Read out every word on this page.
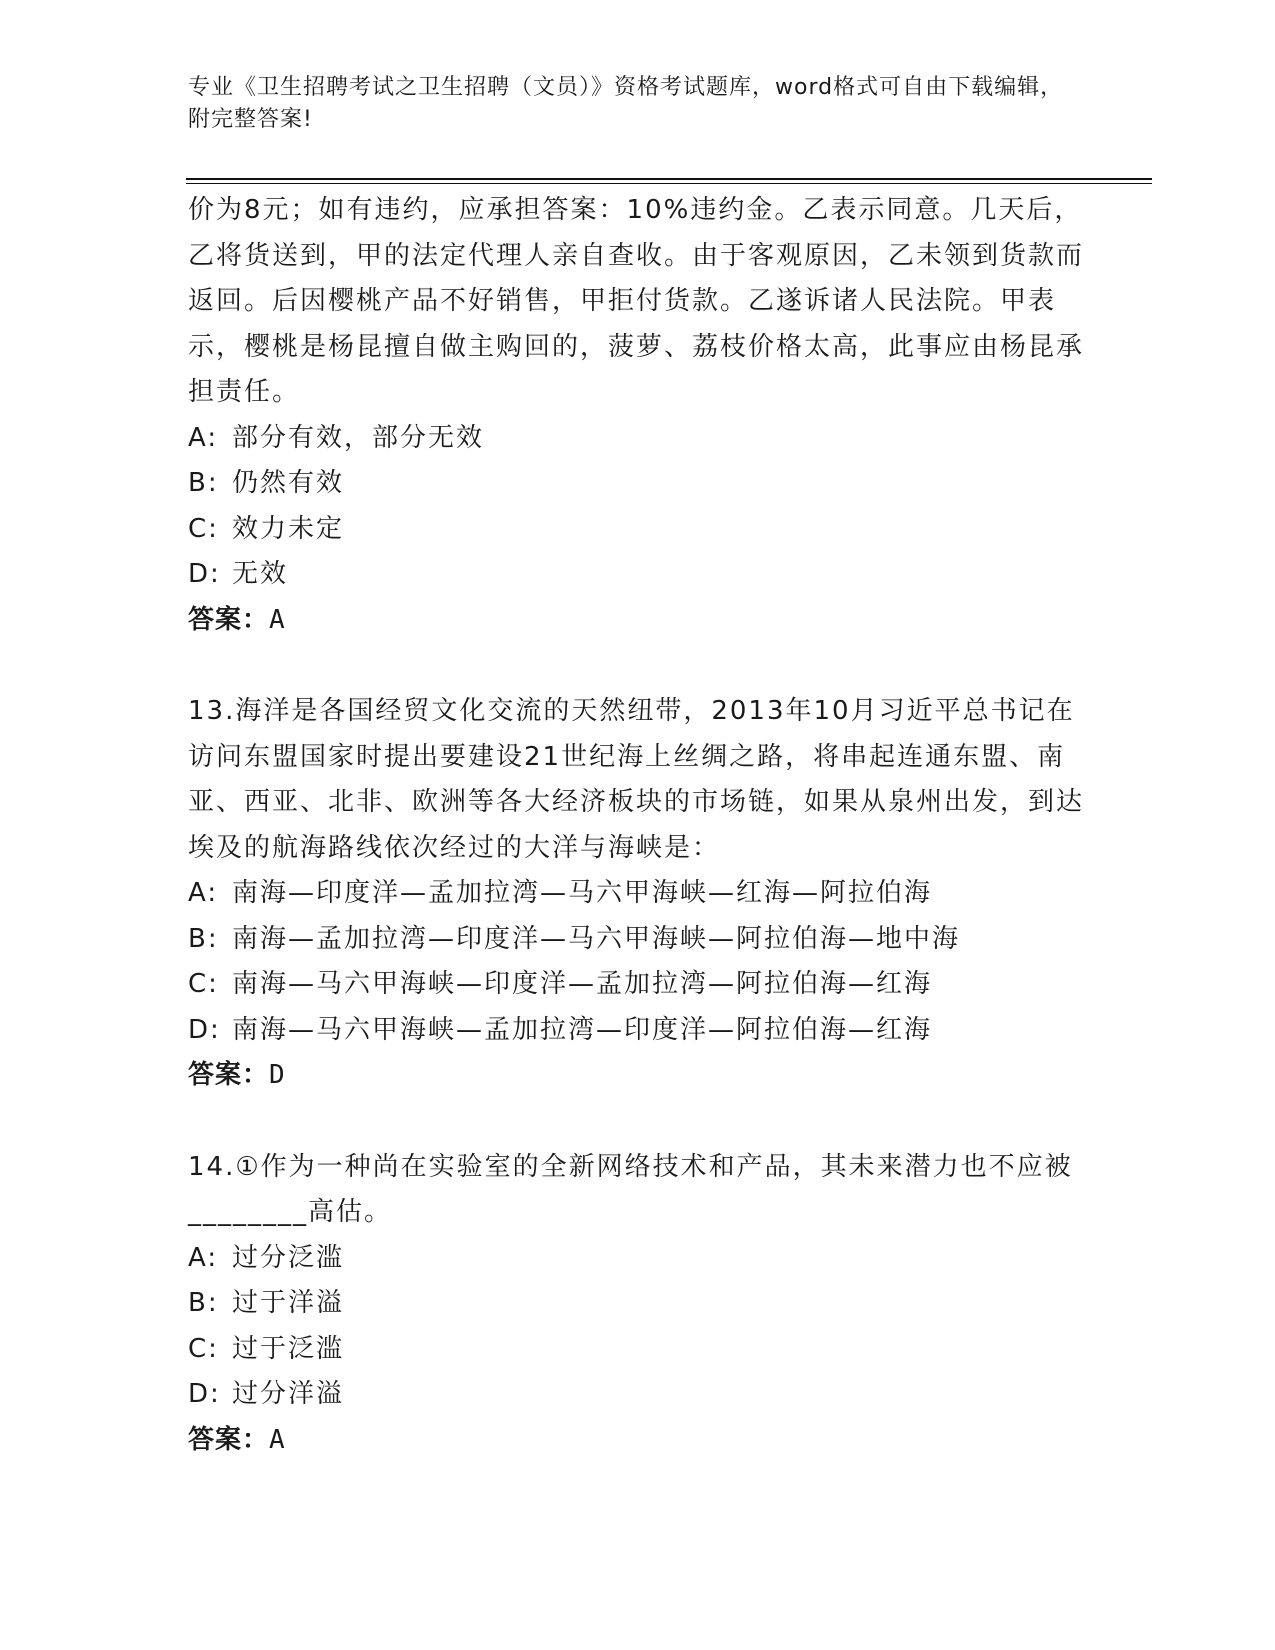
专业《卫生招聘考试之卫生招聘（文员）》资格考试题库，word格式可自由下载编辑，附完整答案!

价为8元；如有违约，应承担答案：10%违约金。乙表示同意。几天后，乙将货送到，甲的法定代理人亲自查收。由于客观原因，乙未领到货款而返回。后因樱桃产品不好销售，甲拒付货款。乙遂诉诸人民法院。甲表示，樱桃是杨昆擅自做主购回的，菠萝、荔枝价格太高，此事应由杨昆承担责任。

A: 部分有效，部分无效

B: 仍然有效

C: 效力未定

D: 无效

答案：A

13.海洋是各国经贸文化交流的天然纽带，2013年10月习近平总书记在访问东盟国家时提出要建设21世纪海上丝绸之路，将串起连通东盟、南亚、西亚、北非、欧洲等各大经济板块的市场链，如果从泉州出发，到达埃及的航海路线依次经过的大洋与海峡是：

A: 南海—印度洋—孟加拉湾—马六甲海峡—红海—阿拉伯海

B: 南海—孟加拉湾—印度洋—马六甲海峡—阿拉伯海—地中海

C: 南海—马六甲海峡—印度洋—孟加拉湾—阿拉伯海—红海

D: 南海—马六甲海峡—孟加拉湾—印度洋—阿拉伯海—红海

答案：D

14.①作为一种尚在实验室的全新网络技术和产品，其未来潜力也不应被________高估。

A: 过分泛滥

B: 过于洋溢

C: 过于泛滥

D: 过分洋溢

答案：A
